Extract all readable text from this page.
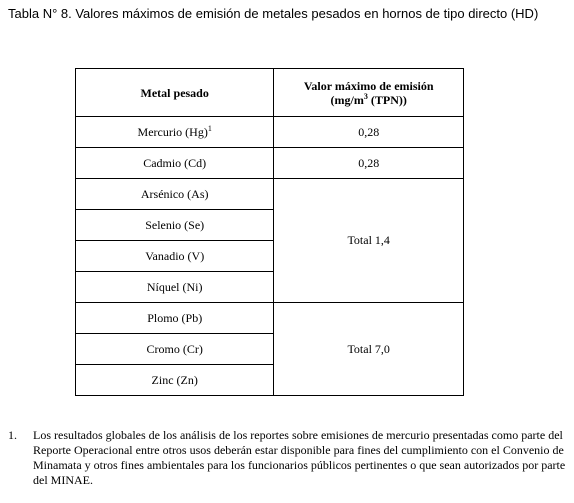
Tabla N° 8. Valores máximos de emisión de metales pesados en hornos de tipo directo (HD)
Metal pesado	Valor máximo de emisión
($mg/m^3$ (TPN))
Mercurio $(Hg)^1$	0,28
Cadmio (Cd)	0,28
Arsénico (As)	Total 1,4
Selenio (Se)	
Vanadio (V)	
Níquel (Ni)	
Plomo (Pb)	Total 7,0
Cromo (Cr)	
Zinc (Zn)	
1. Los resultados globales de los análisis de los reportes sobre emisiones de mercurio presentadas como parte del Reporte Operacional entre otros usos deberán estar disponible para fines del cumplimiento con el Convenio de Minamata y otros fines ambientales para los funcionarios públicos pertinentes o que sean autorizados por parte del MINAE.
